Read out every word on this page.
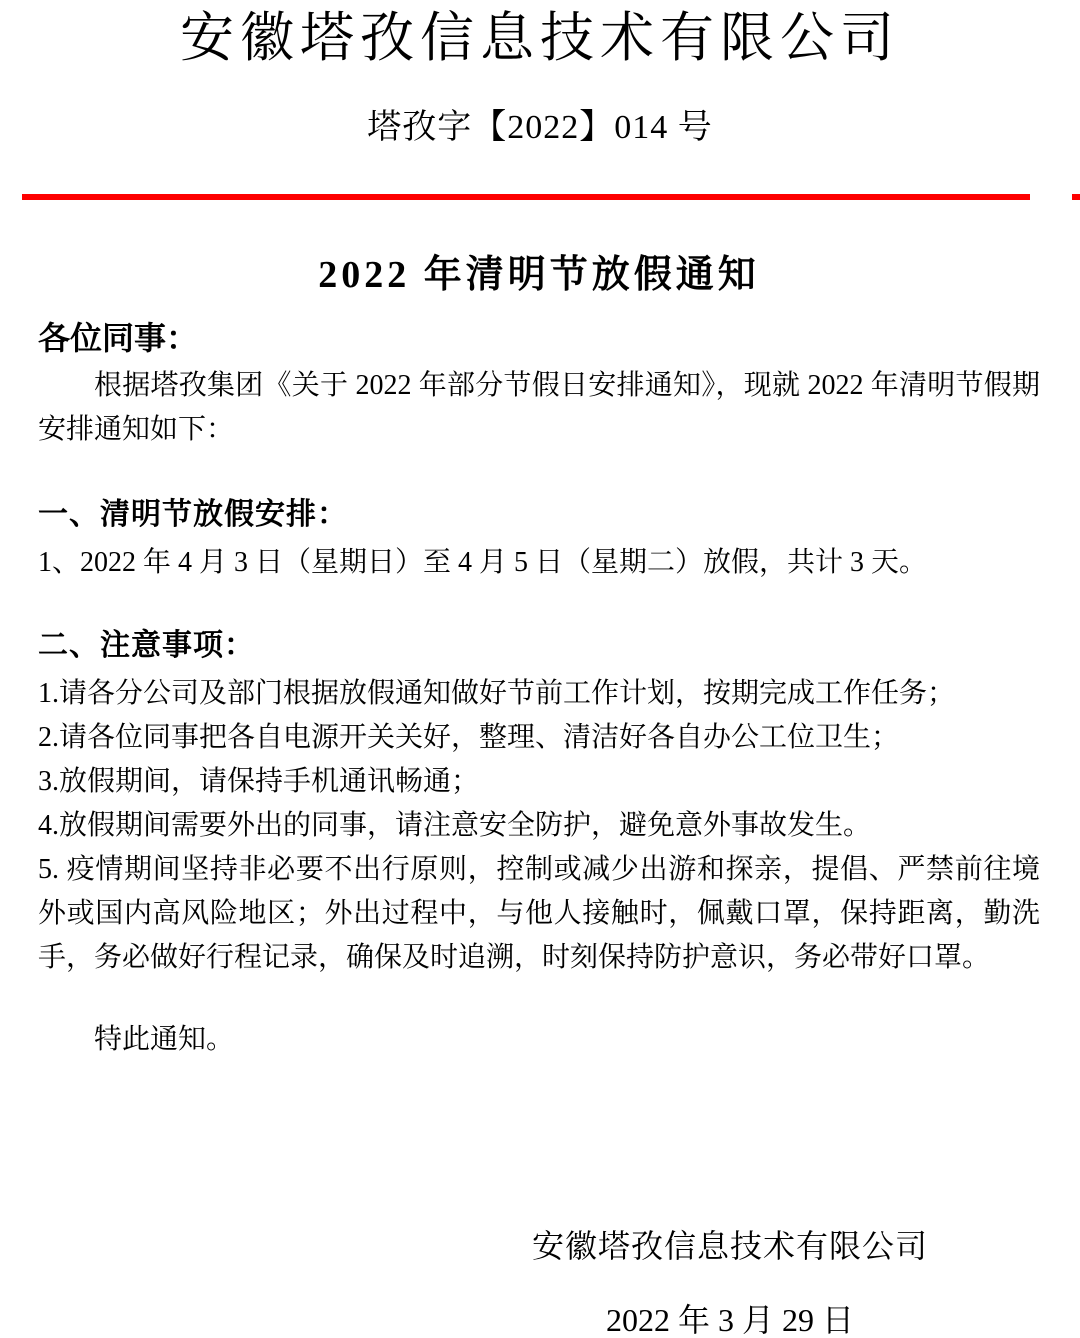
安徽塔孜信息技术有限公司
塔孜字【2022】014 号
2022 年清明节放假通知
各位同事：

根据塔孜集团《关于 2022 年部分节假日安排通知》，现就 2022 年清明节假期安排通知如下：

一、清明节放假安排：

1、2022 年 4 月 3 日（星期日）至 4 月 5 日（星期二）放假，共计 3 天。

二、注意事项：

1.请各分公司及部门根据放假通知做好节前工作计划，按期完成工作任务；

2.请各位同事把各自电源开关关好，整理、清洁好各自办公工位卫生；

3.放假期间，请保持手机通讯畅通；

4.放假期间需要外出的同事，请注意安全防护，避免意外事故发生。

5. 疫情期间坚持非必要不出行原则，控制或减少出游和探亲，提倡、严禁前往境外或国内高风险地区；外出过程中，与他人接触时，佩戴口罩，保持距离，勤洗手，务必做好行程记录，确保及时追溯，时刻保持防护意识，务必带好口罩。

特此通知。

安徽塔孜信息技术有限公司
2022 年 3 月 29 日
